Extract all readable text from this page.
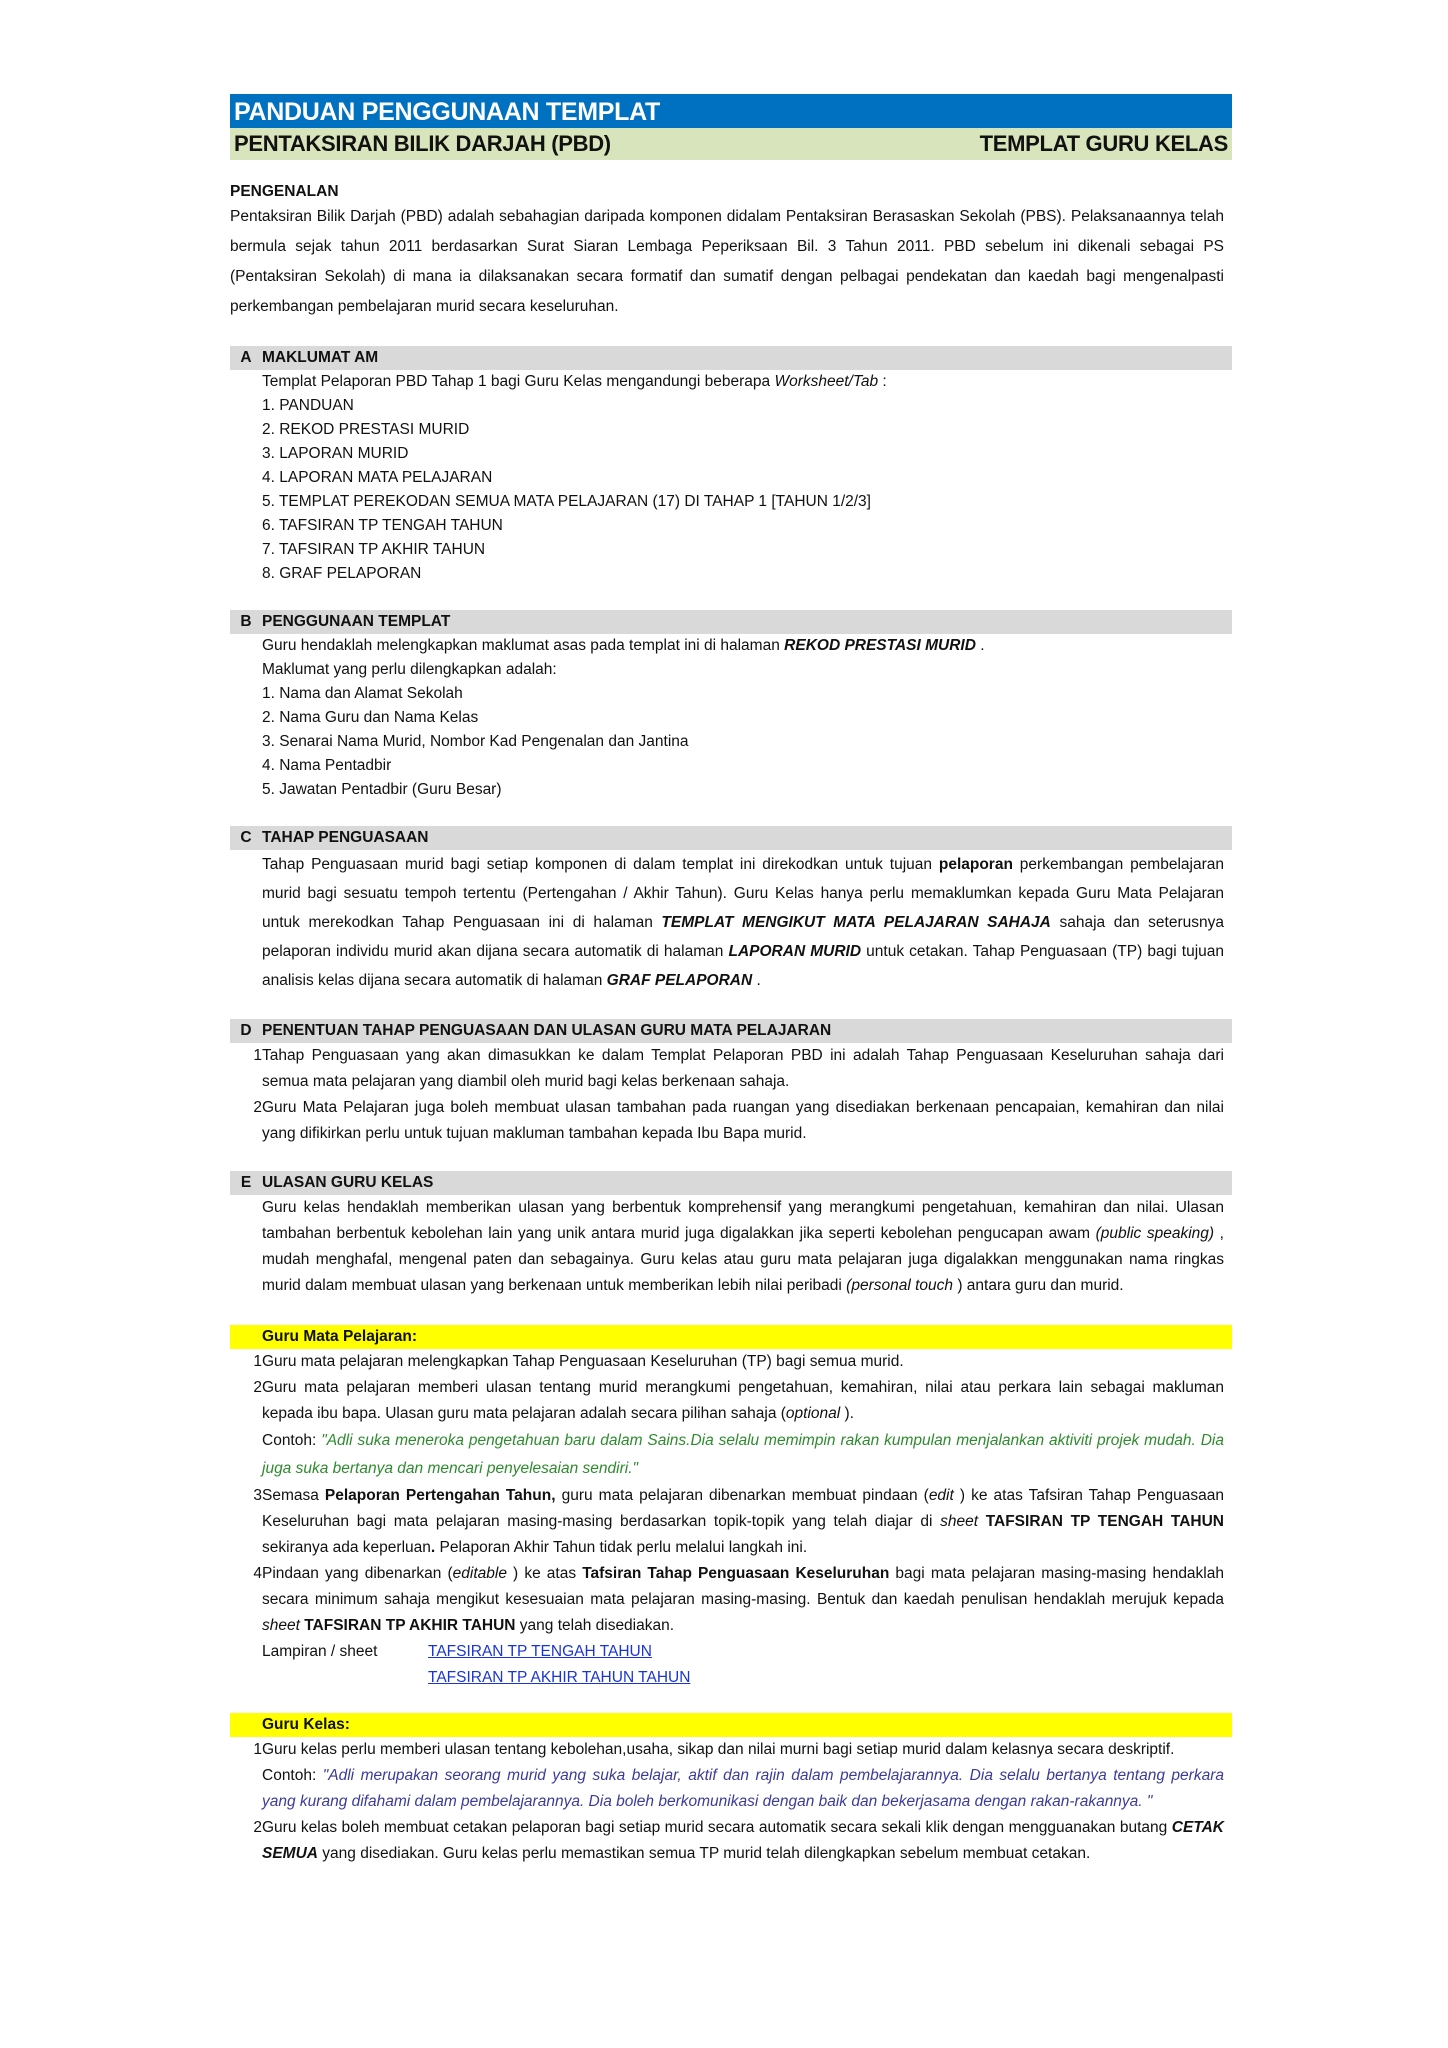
PANDUAN PENGGUNAAN TEMPLAT
PENTAKSIRAN BILIK DARJAH (PBD)	TEMPLAT GURU KELAS
PENGENALAN
Pentaksiran Bilik Darjah (PBD) adalah sebahagian daripada komponen didalam Pentaksiran Berasaskan Sekolah (PBS). Pelaksanaannya telah bermula sejak tahun 2011 berdasarkan Surat Siaran Lembaga Peperiksaan Bil. 3 Tahun 2011. PBD sebelum ini dikenali sebagai PS (Pentaksiran Sekolah) di mana ia dilaksanakan secara formatif dan sumatif dengan pelbagai pendekatan dan kaedah bagi mengenalpasti perkembangan pembelajaran murid secara keseluruhan.
A MAKLUMAT AM
Templat Pelaporan PBD Tahap 1 bagi Guru Kelas mengandungi beberapa Worksheet/Tab :
1. PANDUAN
2. REKOD PRESTASI MURID
3. LAPORAN MURID
4. LAPORAN MATA PELAJARAN
5. TEMPLAT PEREKODAN SEMUA MATA PELAJARAN (17) DI TAHAP 1 [TAHUN 1/2/3]
6. TAFSIRAN TP TENGAH TAHUN
7. TAFSIRAN TP AKHIR TAHUN
8. GRAF PELAPORAN
B PENGGUNAAN TEMPLAT
Guru hendaklah melengkapkan maklumat asas pada templat ini di halaman REKOD PRESTASI MURID .
Maklumat yang perlu dilengkapkan adalah:
1. Nama dan Alamat Sekolah
2. Nama Guru dan Nama Kelas
3. Senarai Nama Murid, Nombor Kad Pengenalan dan Jantina
4. Nama Pentadbir
5. Jawatan Pentadbir (Guru Besar)
C TAHAP PENGUASAAN
Tahap Penguasaan murid bagi setiap komponen di dalam templat ini direkodkan untuk tujuan pelaporan perkembangan pembelajaran murid bagi sesuatu tempoh tertentu (Pertengahan / Akhir Tahun). Guru Kelas hanya perlu memaklumkan kepada Guru Mata Pelajaran untuk merekodkan Tahap Penguasaan ini di halaman TEMPLAT MENGIKUT MATA PELAJARAN SAHAJA sahaja dan seterusnya pelaporan individu murid akan dijana secara automatik di halaman LAPORAN MURID untuk cetakan. Tahap Penguasaan (TP) bagi tujuan analisis kelas dijana secara automatik di halaman GRAF PELAPORAN .
D PENENTUAN TAHAP PENGUASAAN DAN ULASAN GURU MATA PELAJARAN
1 Tahap Penguasaan yang akan dimasukkan ke dalam Templat Pelaporan PBD ini adalah Tahap Penguasaan Keseluruhan sahaja dari semua mata pelajaran yang diambil oleh murid bagi kelas berkenaan sahaja.
2 Guru Mata Pelajaran juga boleh membuat ulasan tambahan pada ruangan yang disediakan berkenaan pencapaian, kemahiran dan nilai yang difikirkan perlu untuk tujuan makluman tambahan kepada Ibu Bapa murid.
E ULASAN GURU KELAS
Guru kelas hendaklah memberikan ulasan yang berbentuk komprehensif yang merangkumi pengetahuan, kemahiran dan nilai. Ulasan tambahan berbentuk kebolehan lain yang unik antara murid juga digalakkan jika seperti kebolehan pengucapan awam (public speaking) , mudah menghafal, mengenal paten dan sebagainya. Guru kelas atau guru mata pelajaran juga digalakkan menggunakan nama ringkas murid dalam membuat ulasan yang berkenaan untuk memberikan lebih nilai peribadi (personal touch ) antara guru dan murid.
Guru Mata Pelajaran:
1 Guru mata pelajaran melengkapkan Tahap Penguasaan Keseluruhan (TP) bagi semua murid.
2 Guru mata pelajaran memberi ulasan tentang murid merangkumi pengetahuan, kemahiran, nilai atau perkara lain sebagai makluman kepada ibu bapa. Ulasan guru mata pelajaran adalah secara pilihan sahaja (optional ).
Contoh: "Adli suka meneroka pengetahuan baru dalam Sains.Dia selalu memimpin rakan kumpulan menjalankan aktiviti projek mudah. Dia juga suka bertanya dan mencari penyelesaian sendiri."
3 Semasa Pelaporan Pertengahan Tahun, guru mata pelajaran dibenarkan membuat pindaan (edit ) ke atas Tafsiran Tahap Penguasaan Keseluruhan bagi mata pelajaran masing-masing berdasarkan topik-topik yang telah diajar di sheet TAFSIRAN TP TENGAH TAHUN sekiranya ada keperluan. Pelaporan Akhir Tahun tidak perlu melalui langkah ini.
4 Pindaan yang dibenarkan (editable ) ke atas Tafsiran Tahap Penguasaan Keseluruhan bagi mata pelajaran masing-masing hendaklah secara minimum sahaja mengikut kesesuaian mata pelajaran masing-masing. Bentuk dan kaedah penulisan hendaklah merujuk kepada sheet TAFSIRAN TP AKHIR TAHUN yang telah disediakan.
Lampiran / sheet	TAFSIRAN TP TENGAH TAHUN
TAFSIRAN TP AKHIR TAHUN TAHUN
Guru Kelas:
1 Guru kelas perlu memberi ulasan tentang kebolehan,usaha, sikap dan nilai murni bagi setiap murid dalam kelasnya secara deskriptif.
Contoh: "Adli merupakan seorang murid yang suka belajar, aktif dan rajin dalam pembelajarannya. Dia selalu bertanya tentang perkara yang kurang difahami dalam pembelajarannya. Dia boleh berkomunikasi dengan baik dan bekerjasama dengan rakan-rakannya. "
2 Guru kelas boleh membuat cetakan pelaporan bagi setiap murid secara automatik secara sekali klik dengan mengguanakan butang CETAK SEMUA yang disediakan. Guru kelas perlu memastikan semua TP murid telah dilengkapkan sebelum membuat cetakan.
